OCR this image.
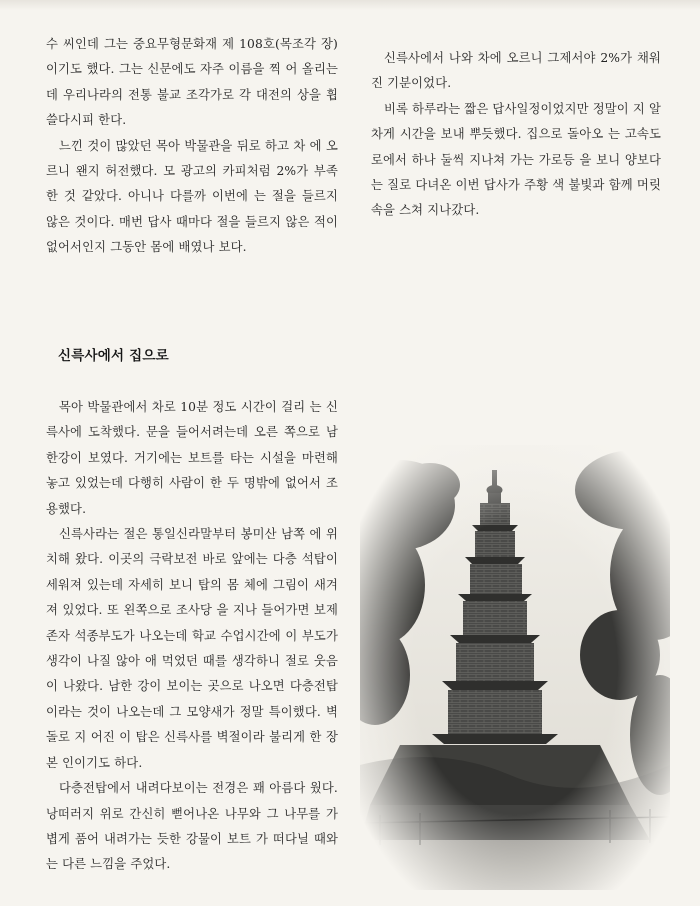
수 씨인데 그는 중요무형문화재 제 108호(목조각 장)이기도 했다. 그는 신문에도 자주 이름을 찍 어 올리는데 우리나라의 전통 불교 조각가로 각 대전의 상을 휩쓸다시피 한다.

느낀 것이 많았던 목아 박물관을 뒤로 하고 차 에 오르니 왠지 허전했다. 모 광고의 카피처럼 2%가 부족한 것 같았다. 아니나 다를까 이번에 는 절을 들르지 않은 것이다. 매번 답사 때마다 절을 들르지 않은 적이 없어서인지 그동안 몸에 배였나 보다.

신륵사에서 집으로

목아 박물관에서 차로 10분 정도 시간이 걸리 는 신륵사에 도착했다. 문을 들어서려는데 오른 쪽으로 남한강이 보였다. 거기에는 보트를 타는 시설을 마련해 놓고 있었는데 다행히 사람이 한 두 명밖에 없어서 조용했다.

신륵사라는 절은 통일신라말부터 봉미산 남쪽 에 위치해 왔다. 이곳의 극락보전 바로 앞에는 다층 석탑이 세워져 있는데 자세히 보니 탑의 몸 체에 그림이 새겨져 있었다. 또 왼쪽으로 조사당 을 지나 들어가면 보제존자 석종부도가 나오는데 학교 수업시간에 이 부도가 생각이 나질 않아 애 먹었던 때를 생각하니 절로 웃음이 나왔다. 남한 강이 보이는 곳으로 나오면 다층전탑이라는 것이 나오는데 그 모양새가 정말 특이했다. 벽돌로 지 어진 이 탑은 신륵사를 벽절이라 불리게 한 장본 인이기도 하다.

다층전탑에서 내려다보이는 전경은 꽤 아름다 웠다. 낭떠러지 위로 간신히 뻗어나온 나무와 그 나무를 가볍게 품어 내려가는 듯한 강물이 보트 가 떠다닐 때와는 다른 느낌을 주었다.

신륵사에서 나와 차에 오르니 그제서야 2%가 채워진 기분이었다.

비록 하루라는 짧은 답사일정이었지만 정말이 지 알차게 시간을 보내 뿌듯했다. 집으로 돌아오 는 고속도로에서 하나 둘씩 지나쳐 가는 가로등 을 보니 양보다는 질로 다녀온 이번 답사가 주황 색 불빛과 함께 머릿속을 스쳐 지나갔다.
